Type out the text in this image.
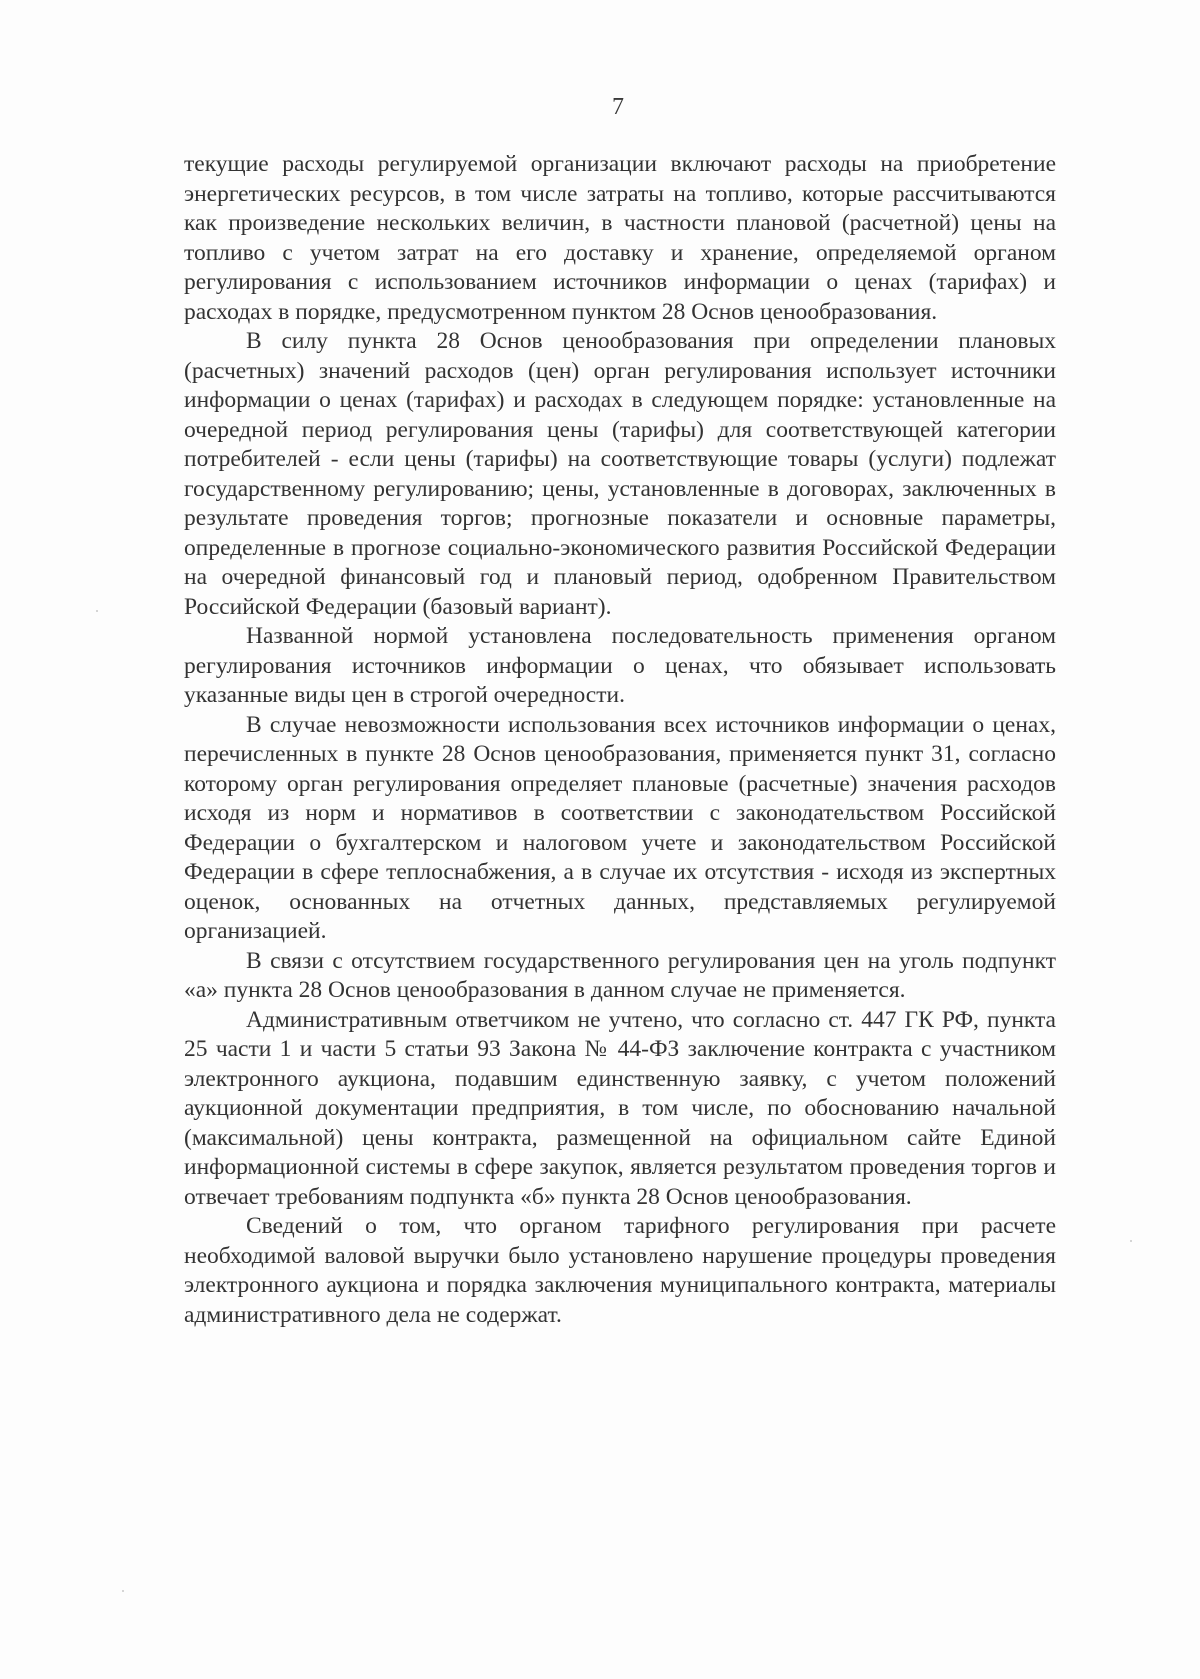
7

текущие расходы регулируемой организации включают расходы на приобретение энергетических ресурсов, в том числе затраты на топливо, которые рассчитываются как произведение нескольких величин, в частности плановой (расчетной) цены на топливо с учетом затрат на его доставку и хранение, определяемой органом регулирования с использованием источников информации о ценах (тарифах) и расходах в порядке, предусмотренном пунктом 28 Основ ценообразования.

В силу пункта 28 Основ ценообразования при определении плановых (расчетных) значений расходов (цен) орган регулирования использует источники информации о ценах (тарифах) и расходах в следующем порядке: установленные на очередной период регулирования цены (тарифы) для соответствующей категории потребителей - если цены (тарифы) на соответствующие товары (услуги) подлежат государственному регулированию; цены, установленные в договорах, заключенных в результате проведения торгов; прогнозные показатели и основные параметры, определенные в прогнозе социально-экономического развития Российской Федерации на очередной финансовый год и плановый период, одобренном Правительством Российской Федерации (базовый вариант).

Названной нормой установлена последовательность применения органом регулирования источников информации о ценах, что обязывает использовать указанные виды цен в строгой очередности.

В случае невозможности использования всех источников информации о ценах, перечисленных в пункте 28 Основ ценообразования, применяется пункт 31, согласно которому орган регулирования определяет плановые (расчетные) значения расходов исходя из норм и нормативов в соответствии с законодательством Российской Федерации о бухгалтерском и налоговом учете и законодательством Российской Федерации в сфере теплоснабжения, а в случае их отсутствия - исходя из экспертных оценок, основанных на отчетных данных, представляемых регулируемой организацией.

В связи с отсутствием государственного регулирования цен на уголь подпункт «а» пункта 28 Основ ценообразования в данном случае не применяется.

Административным ответчиком не учтено, что согласно ст. 447 ГК РФ, пункта 25 части 1 и части 5 статьи 93 Закона № 44-ФЗ заключение контракта с участником электронного аукциона, подавшим единственную заявку, с учетом положений аукционной документации предприятия, в том числе, по обоснованию начальной (максимальной) цены контракта, размещенной на официальном сайте Единой информационной системы в сфере закупок, является результатом проведения торгов и отвечает требованиям подпункта «б» пункта 28 Основ ценообразования.

Сведений о том, что органом тарифного регулирования при расчете необходимой валовой выручки было установлено нарушение процедуры проведения электронного аукциона и порядка заключения муниципального контракта, материалы административного дела не содержат.
